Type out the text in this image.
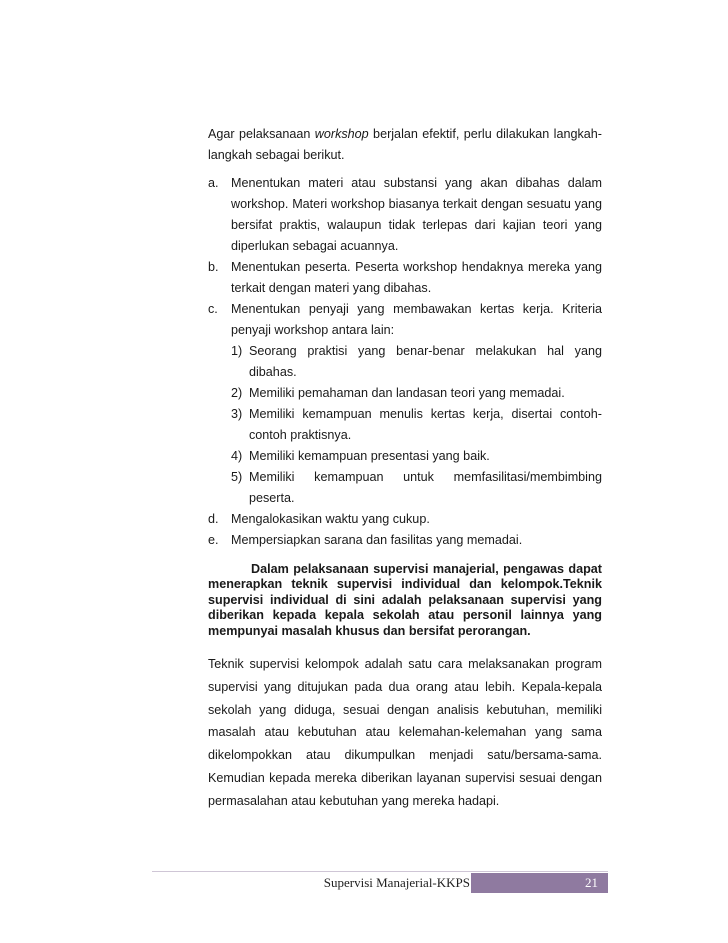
Agar pelaksanaan workshop berjalan efektif, perlu dilakukan langkah-langkah sebagai berikut.

a. Menentukan materi atau substansi yang akan dibahas dalam workshop. Materi workshop biasanya terkait dengan sesuatu yang bersifat praktis, walaupun tidak terlepas dari kajian teori yang diperlukan sebagai acuannya.
b. Menentukan peserta. Peserta workshop hendaknya mereka yang terkait dengan materi yang dibahas.
c. Menentukan penyaji yang membawakan kertas kerja. Kriteria penyaji workshop antara lain:
1) Seorang praktisi yang benar-benar melakukan hal yang dibahas.
2) Memiliki pemahaman dan landasan teori yang memadai.
3) Memiliki kemampuan menulis kertas kerja, disertai contoh-contoh praktisnya.
4) Memiliki kemampuan presentasi yang baik.
5) Memiliki kemampuan untuk memfasilitasi/membimbing peserta.
d. Mengalokasikan waktu yang cukup.
e. Mempersiapkan sarana dan fasilitas yang memadai.
Dalam pelaksanaan supervisi manajerial, pengawas dapat menerapkan teknik supervisi individual dan kelompok.Teknik supervisi individual di sini adalah pelaksanaan supervisi yang diberikan kepada kepala sekolah atau personil lainnya yang mempunyai masalah khusus dan bersifat perorangan.
Teknik supervisi kelompok adalah satu cara melaksanakan program supervisi yang ditujukan pada dua orang atau lebih. Kepala-kepala sekolah yang diduga, sesuai dengan analisis kebutuhan, memiliki masalah atau kebutuhan atau kelemahan-kelemahan yang sama dikelompokkan atau dikumpulkan menjadi satu/bersama-sama. Kemudian kepada mereka diberikan layanan supervisi sesuai dengan permasalahan atau kebutuhan yang mereka hadapi.
Supervisi Manajerial-KKPS	21
